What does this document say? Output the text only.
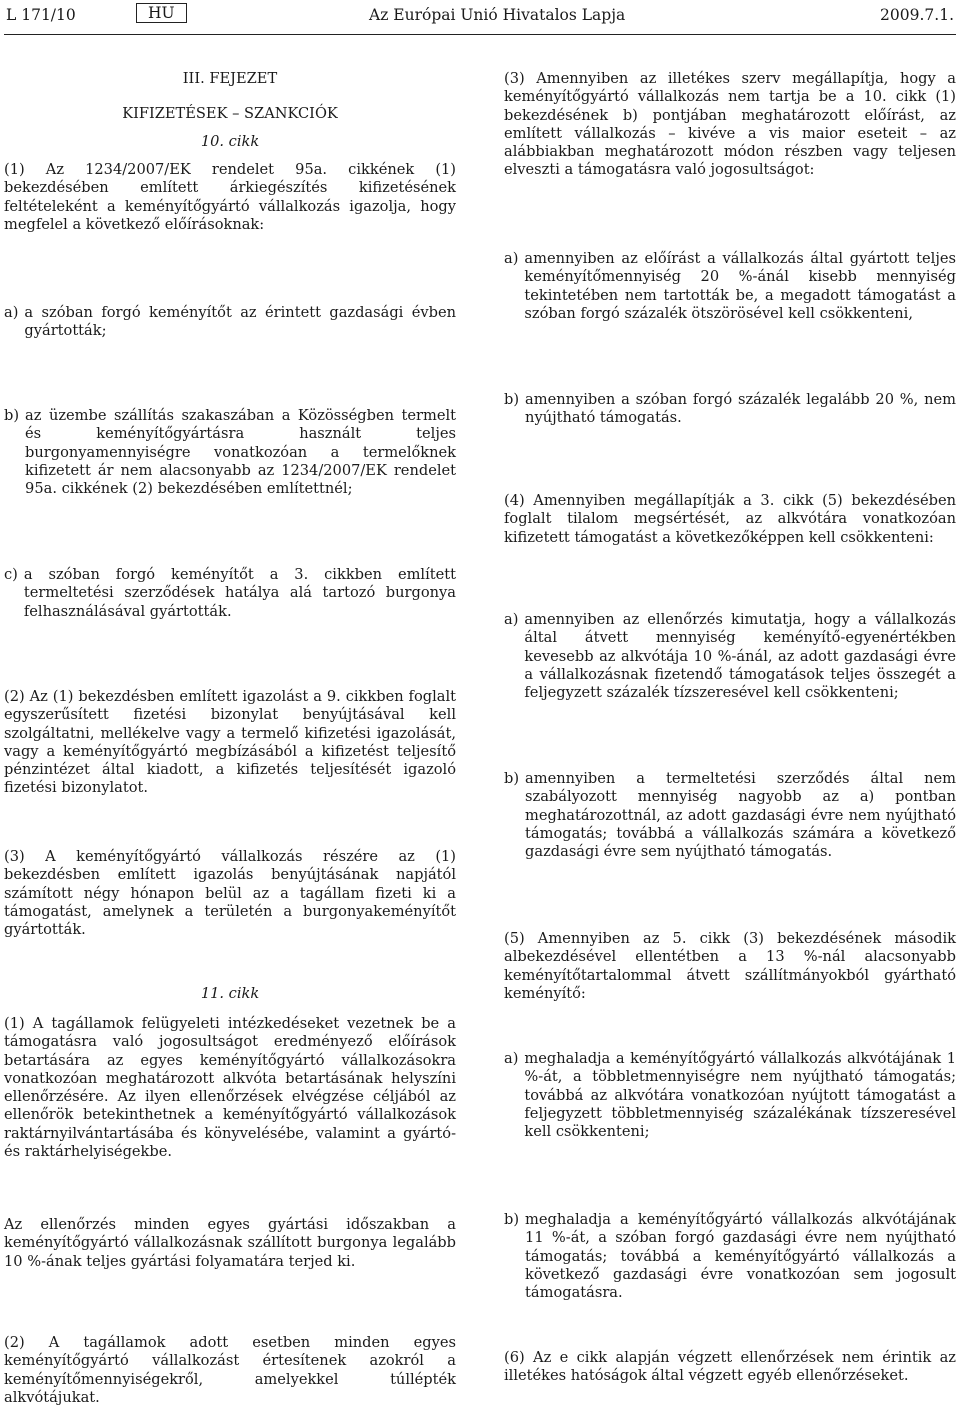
L 171/10	HU	Az Európai Unió Hivatalos Lapja	2009.7.1.

III. FEJEZET

KIFIZETÉSEK – SZANKCIÓK

10. cikk

(1) Az 1234/2007/EK rendelet 95a. cikkének (1) bekezdésében említett árkiegészítés kifizetésének feltételeként a keményítőgyártó vállalkozás igazolja, hogy megfelel a következő előírásoknak:

a) a szóban forgó keményítőt az érintett gazdasági évben gyártották;
b) az üzembe szállítás szakaszában a Közösségben termelt és keményítőgyártásra használt teljes burgonyamennyiségre vonatkozóan a termelőknek kifizetett ár nem alacsonyabb az 1234/2007/EK rendelet 95a. cikkének (2) bekezdésében említettnél;
c) a szóban forgó keményítőt a 3. cikkben említett termeltetési szerződések hatálya alá tartozó burgonya felhasználásával gyártották.

(2) Az (1) bekezdésben említett igazolást a 9. cikkben foglalt egyszerűsített fizetési bizonylat benyújtásával kell szolgáltatni, mellékelve vagy a termelő kifizetési igazolását, vagy a keményítőgyártó megbízásából a kifizetést teljesítő pénzintézet által kiadott, a kifizetés teljesítését igazoló fizetési bizonylatot.

(3) A keményítőgyártó vállalkozás részére az (1) bekezdésben említett igazolás benyújtásának napjától számított négy hónapon belül az a tagállam fizeti ki a támogatást, amelynek a területén a burgonyakeményítőt gyártották.

11. cikk

(1) A tagállamok felügyeleti intézkedéseket vezetnek be a támogatásra való jogosultságot eredményező előírások betartására az egyes keményítőgyártó vállalkozásokra vonatkozóan meghatározott alkvóta betartásának helyszíni ellenőrzésére. Az ilyen ellenőrzések elvégzése céljából az ellenőrök betekinthetnek a keményítőgyártó vállalkozások raktárnyilvántartásába és könyvelésébe, valamint a gyártó- és raktárhelyiségekbe.

Az ellenőrzés minden egyes gyártási időszakban a keményítőgyártó vállalkozásnak szállított burgonya legalább 10 %-ának teljes gyártási folyamatára terjed ki.

(2) A tagállamok adott esetben minden egyes keményítőgyártó vállalkozást értesítenek azokról a keményítőmennyiségekről, amelyekkel túllépték alkvótájukat.

(3) Amennyiben az illetékes szerv megállapítja, hogy a keményítőgyártó vállalkozás nem tartja be a 10. cikk (1) bekezdésének b) pontjában meghatározott előírást, az említett vállalkozás – kivéve a vis maior eseteit – az alábbiakban meghatározott módon részben vagy teljesen elveszti a támogatásra való jogosultságot:

a) amennyiben az előírást a vállalkozás által gyártott teljes keményítőmennyiség 20 %-ánál kisebb mennyiség tekintetében nem tartották be, a megadott támogatást a szóban forgó százalék ötszörösével kell csökkenteni,
b) amennyiben a szóban forgó százalék legalább 20 %, nem nyújtható támogatás.

(4) Amennyiben megállapítják a 3. cikk (5) bekezdésében foglalt tilalom megsértését, az alkvótára vonatkozóan kifizetett támogatást a következőképpen kell csökkenteni:

a) amennyiben az ellenőrzés kimutatja, hogy a vállalkozás által átvett mennyiség keményítő-egyenértékben kevesebb az alkvótája 10 %-ánál, az adott gazdasági évre a vállalkozásnak fizetendő támogatások teljes összegét a feljegyzett százalék tízszeresével kell csökkenteni;
b) amennyiben a termeltetési szerződés által nem szabályozott mennyiség nagyobb az a) pontban meghatározottnál, az adott gazdasági évre nem nyújtható támogatás; továbbá a vállalkozás számára a következő gazdasági évre sem nyújtható támogatás.

(5) Amennyiben az 5. cikk (3) bekezdésének második albekezdésével ellentétben a 13 %-nál alacsonyabb keményítőtartalommal átvett szállítmányokból gyártható keményítő:

a) meghaladja a keményítőgyártó vállalkozás alkvótájának 1 %-át, a többletmennyiségre nem nyújtható támogatás; továbbá az alkvótára vonatkozóan nyújtott támogatást a feljegyzett többletmennyiség százalékának tízszeresével kell csökkenteni;
b) meghaladja a keményítőgyártó vállalkozás alkvótájának 11 %-át, a szóban forgó gazdasági évre nem nyújtható támogatás; továbbá a keményítőgyártó vállalkozás a következő gazdasági évre vonatkozóan sem jogosult támogatásra.

(6) Az e cikk alapján végzett ellenőrzések nem érintik az illetékes hatóságok által végzett egyéb ellenőrzéseket.
